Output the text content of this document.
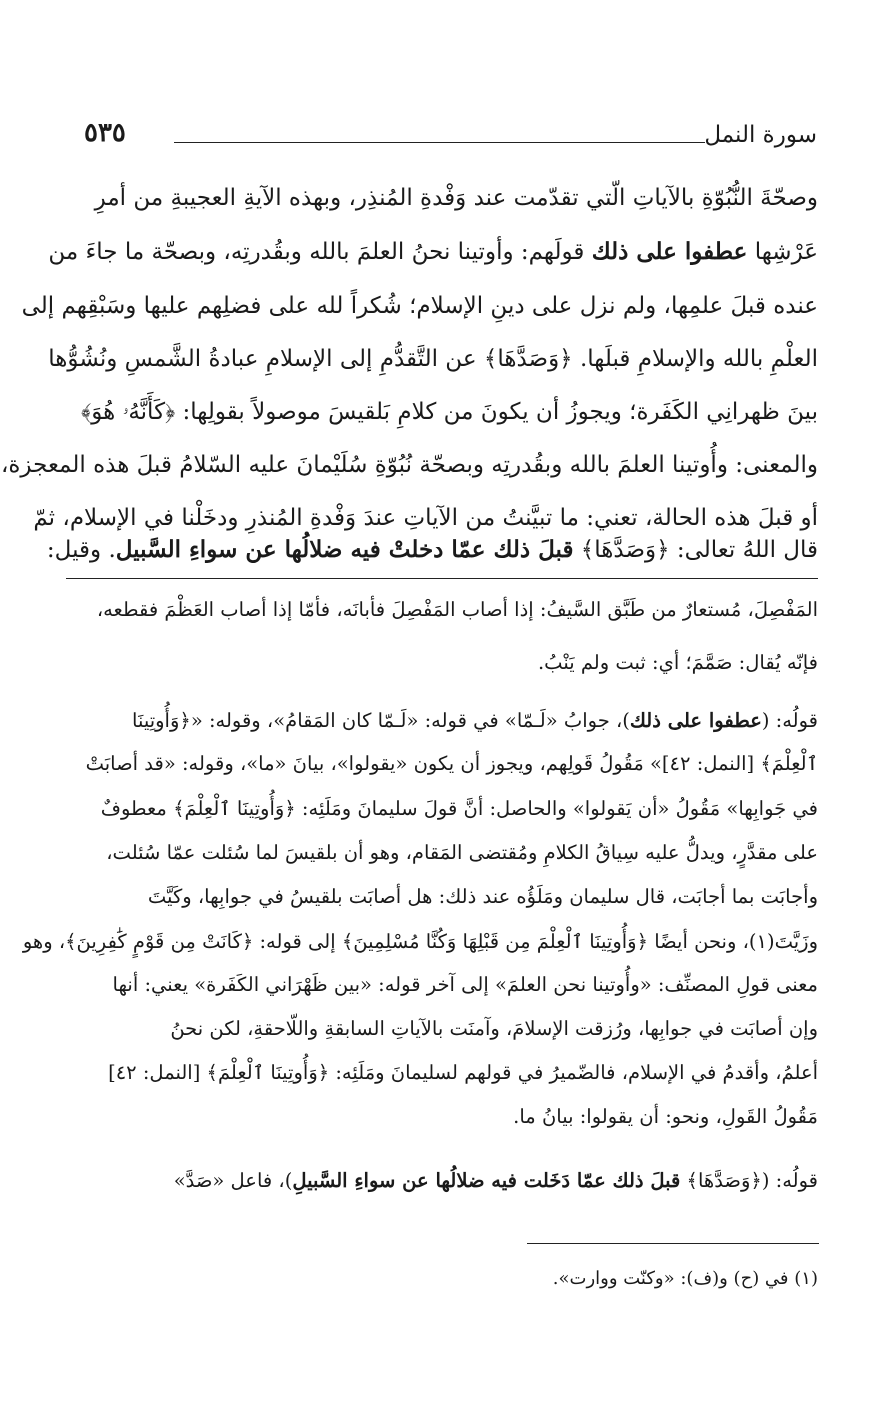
سورة النمل
٥٣٥
وصحّةَ النُّبُوّةِ بالآياتِ الّتي تقدّمت عند وَفْدةِ المُنذِر، وبهذه الآيةِ العجيبةِ من أمرِ
عَرْشِها عطفوا على ذلك قولَهم: وأوتينا نحنُ العلمَ بالله وبقُدرتِه، وبصحّة ما جاءَ من
عنده قبلَ علمِها، ولم نزل على دينِ الإسلام؛ شُكراً لله على فضلِهم عليها وسَبْقِهم إلى
العلْمِ بالله والإسلامِ قبلَها. ﴿وَصَدَّهَا﴾ عن التَّقدُّمِ إلى الإسلامِ عبادةُ الشَّمسِ ونُشُوُّها
بينَ ظهرانِي الكَفَرة؛ ويجوزُ أن يكونَ من كلامِ بَلقيسَ موصولاً بقولِها: ﴿كَأَنَّهُۥ هُوَ﴾
والمعنى: وأُوتينا العلمَ بالله وبقُدرتِه وبصحّة نُبُوّةِ سُلَيْمانَ عليه السّلامُ قبلَ هذه المعجزة،
أو قبلَ هذه الحالة، تعني: ما تبيَّنتُ من الآياتِ عندَ وَفْدةِ المُنذرِ ودخَلْنا في الإسلام، ثمّ
قال اللهُ تعالى: ﴿وَصَدَّهَا﴾ قبلَ ذلك عمّا دخلتْ فيه ضلالُها عن سواءِ السَّبيل. وقيل:
المَفْصِلَ، مُستعارٌ من طَبَّق السَّيفُ: إذا أصاب المَفْصِلَ فأبانَه، فأمّا إذا أصاب العَظْمَ فقطعه،
فإنّه يُقال: صَمَّمَ؛ أي: ثبت ولم يَنْبُ.
قولُه: (عطفوا على ذلك)، جوابُ «لَـمّا» في قوله: «لَـمّا كان المَقامُ»، وقوله: «﴿وَأُوتِينَا
ٱلْعِلْمَ﴾ [النمل: ٤٢]» مَقُولُ قَولِهم، ويجوز أن يكون «يقولوا»، بيانَ «ما»، وقوله: «قد أصابَتْ
في جَوابِها» مَقُولُ «أن يَقولوا» والحاصل: أنَّ قولَ سليمانَ ومَلَئِه: ﴿وَأُوتِينَا ٱلْعِلْمَ﴾ معطوفٌ
على مقدَّرٍ، ويدلُّ عليه سِياقُ الكلامِ ومُقتضى المَقام، وهو أن بلقيسَ لما سُئلت عمّا سُئلت،
وأجابَت بما أجابَت، قال سليمان ومَلَؤُه عند ذلك: هل أصابَت بلقيسُ في جوابِها، وكَيَّتَ
وزَيَّتَ(١)، ونحن أيضًا ﴿وَأُوتِينَا ٱلْعِلْمَ مِن قَبْلِهَا وَكُنَّا مُسْلِمِينَ﴾ إلى قوله: ﴿كَانَتْ مِن قَوْمٍ كَٰفِرِينَ﴾، وهو
معنى قولِ المصنِّف: «وأُوتينا نحن العلمَ» إلى آخر قوله: «بين ظَهْرَاني الكَفَرة» يعني: أنها
وإن أصابَت في جوابِها، ورُزقت الإسلامَ، وآمنَت بالآياتِ السابقةِ واللّاحقةِ، لكن نحنُ
أعلمُ، وأقدمُ في الإسلام، فالضّميرُ في قولهم لسليمانَ ومَلَئِه: ﴿وَأُوتِينَا ٱلْعِلْمَ﴾ [النمل: ٤٢]
مَقُولُ القَولِ، ونحو: أن يقولوا: بيانُ ما.
قولُه: (﴿وَصَدَّهَا﴾ قبلَ ذلك عمّا دَخَلت فيه ضلالُها عن سواءِ السَّبيلِ)، فاعل «صَدَّ»
(١) في (ح) و(ف): «وكنّت ووارت».
